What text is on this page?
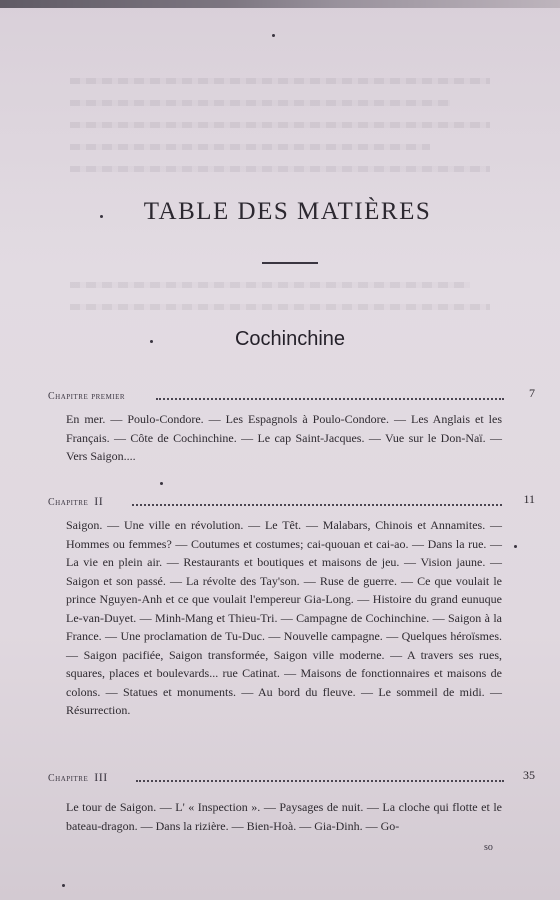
TABLE DES MATIÈRES
Cochinchine
Chapitre premier	7
En mer. — Poulo-Condore. — Les Espagnols à Poulo-Condore. — Les Anglais et les Français. — Côte de Cochinchine. — Le cap Saint-Jacques. — Vue sur le Don-Naï. — Vers Saigon....
Chapitre II	11
Saigon. — Une ville en révolution. — Le Têt. — Malabars, Chinois et Annamites. — Hommes ou femmes? — Coutumes et costumes; cai-quouan et cai-ao. — Dans la rue. — La vie en plein air. — Restaurants et boutiques et maisons de jeu. — Vision jaune. — Saigon et son passé. — La révolte des Tay'son. — Ruse de guerre. — Ce que voulait le prince Nguyen-Anh et ce que voulait l'empereur Gia-Long. — Histoire du grand eunuque Le-van-Duyet. — Minh-Mang et Thieu-Tri. — Campagne de Cochinchine. — Saigon à la France. — Une proclamation de Tu-Duc. — Nouvelle campagne. — Quelques héroïsmes. — Saigon pacifiée, Saigon transformée, Saigon ville moderne. — A travers ses rues, squares, places et boulevards... rue Catinat. — Maisons de fonctionnaires et maisons de colons. — Statues et monuments. — Au bord du fleuve. — Le sommeil de midi. — Résurrection.
Chapitre III	35
Le tour de Saigon. — L' « Inspection ». — Paysages de nuit. — La cloche qui flotte et le bateau-dragon. — Dans la rizière. — Bien-Hoà. — Gia-Dinh. — Go-
so
